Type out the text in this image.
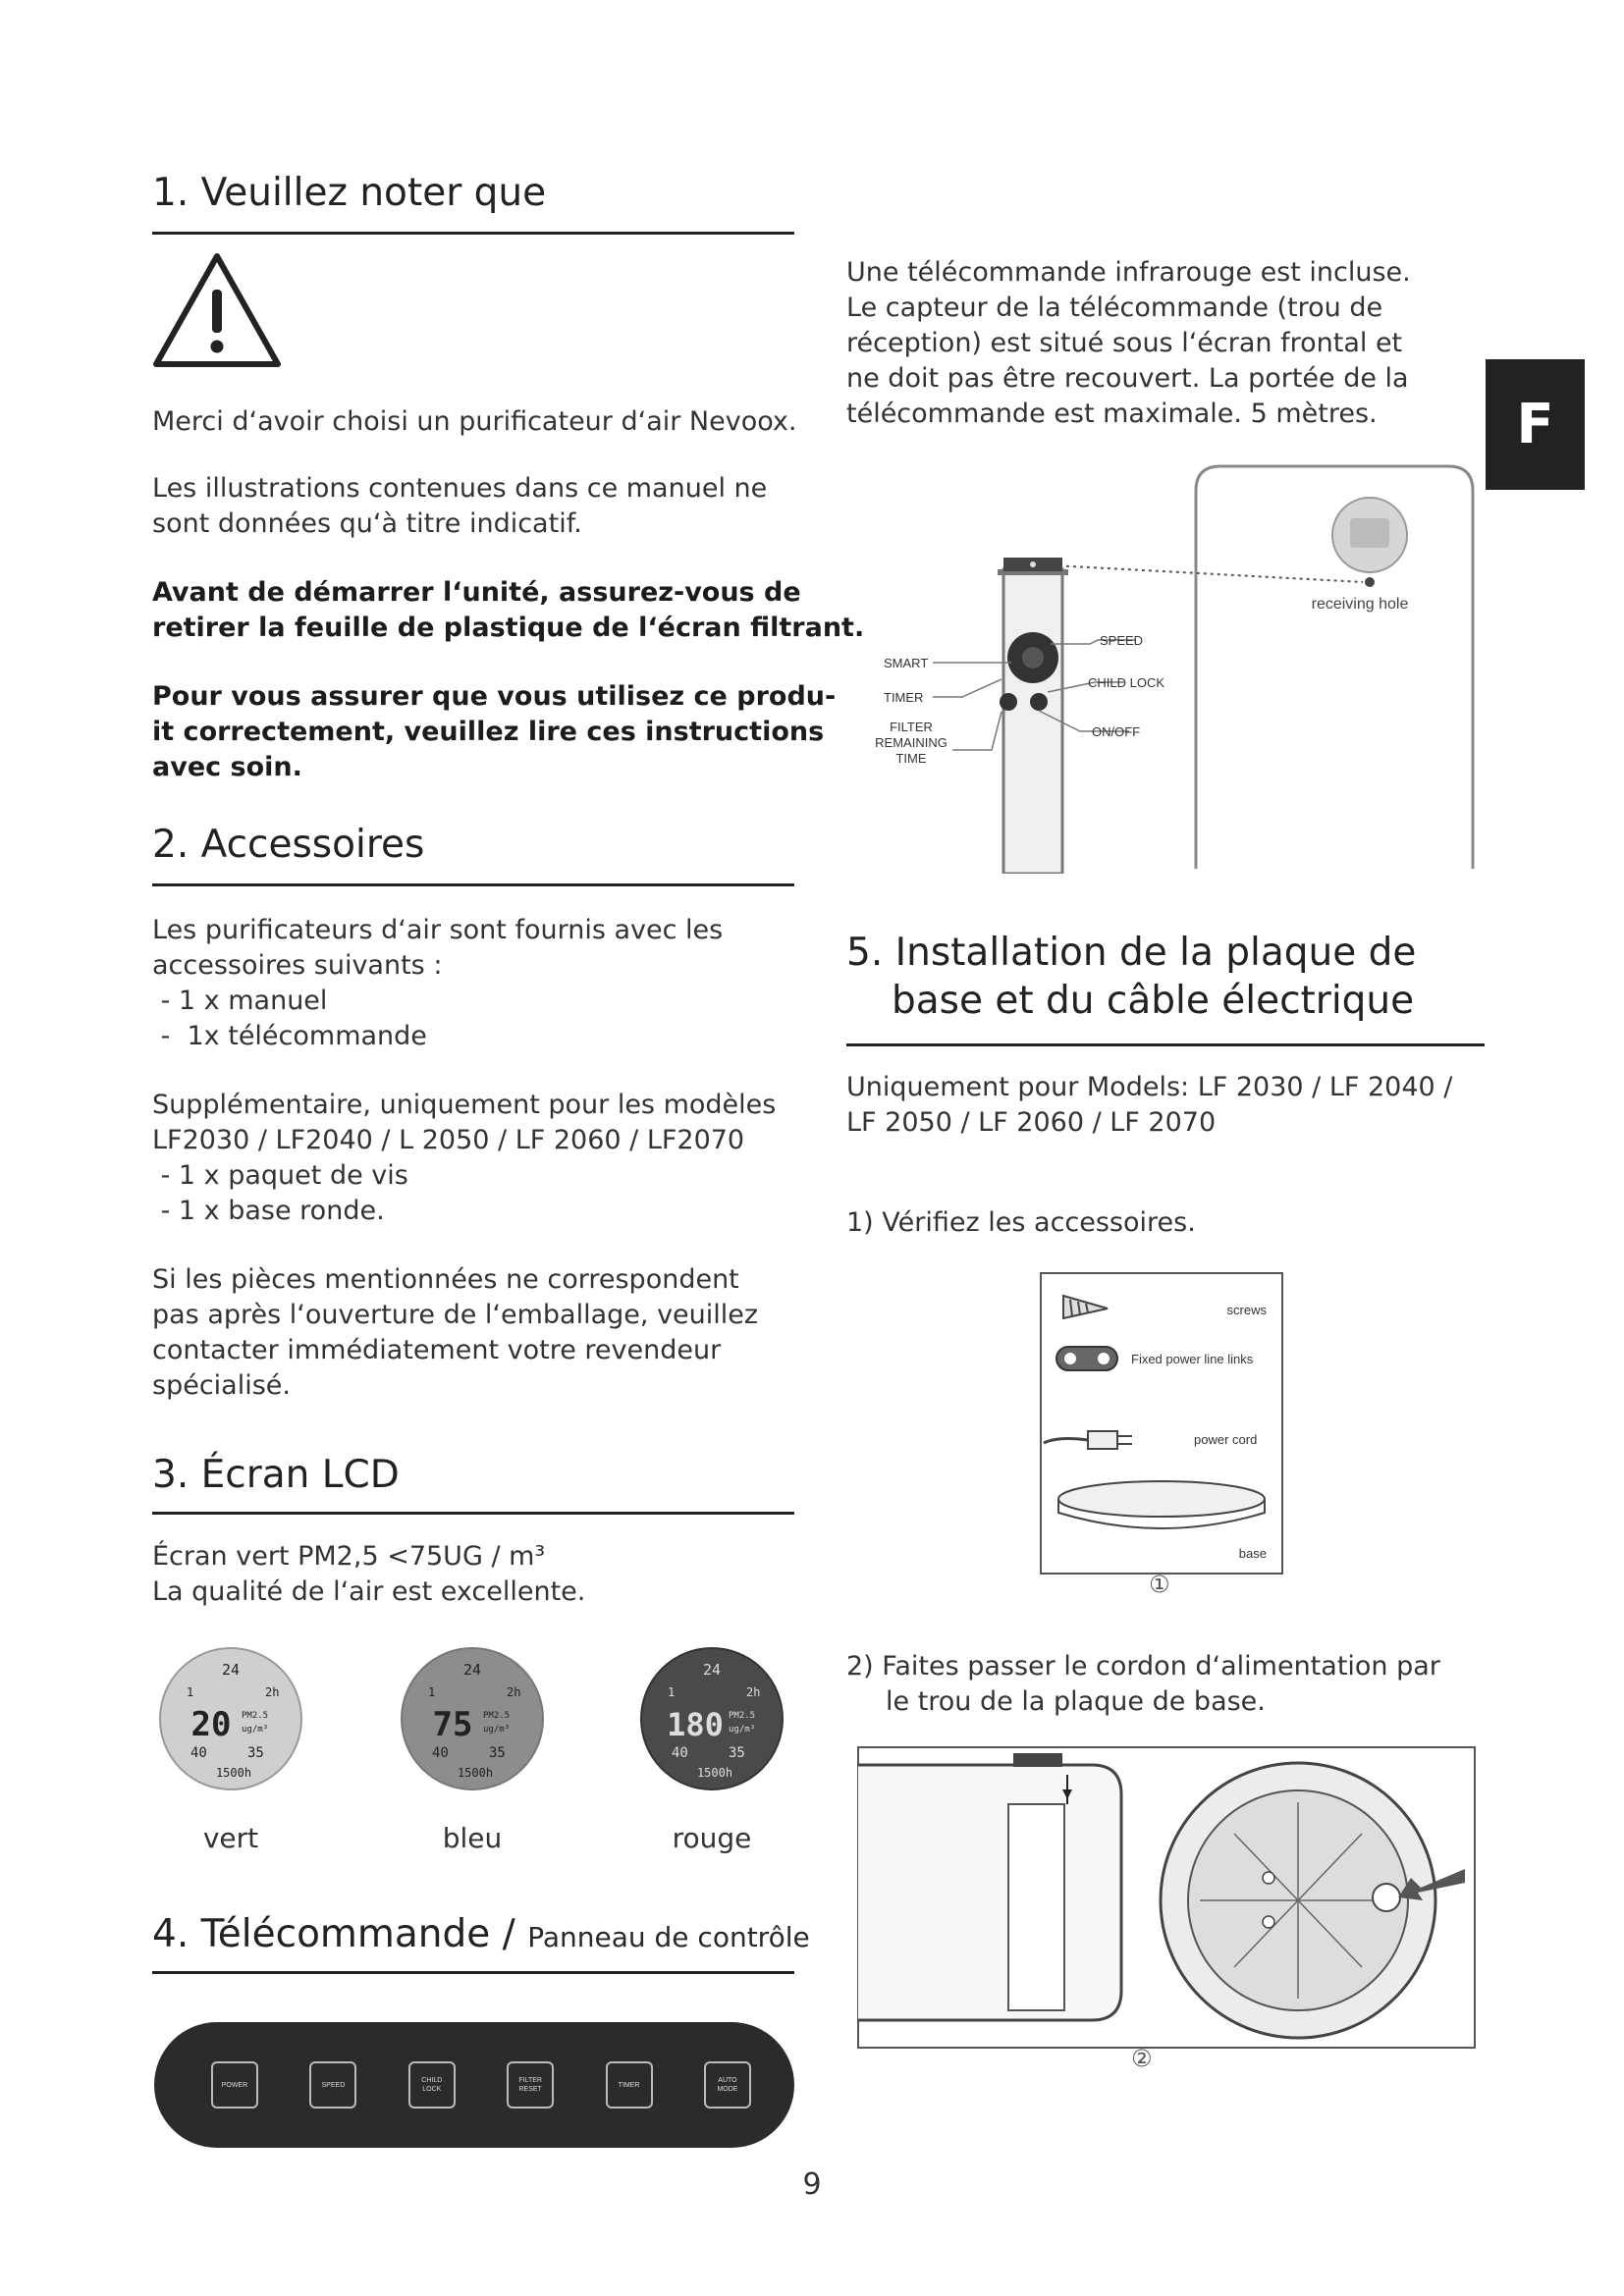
F
1. Veuillez noter que

Merci d‘avoir choisi un purificateur d‘air Nevoox.

Les illustrations contenues dans ce manuel ne
sont données qu‘à titre indicatif.

Avant de démarrer l‘unité, assurez-vous de
retirer la feuille de plastique de l‘écran filtrant.

Pour vous assurer que vous utilisez ce produ-
it correctement, veuillez lire ces instructions
avec soin.

2. Accessoires

Les purificateurs d‘air sont fournis avec les
accessoires suivants :
- 1 x manuel
-  1x télécommande

Supplémentaire, uniquement pour les modèles
LF2030 / LF2040 / L 2050 / LF 2060 / LF2070
- 1 x paquet de vis
- 1 x base ronde.

Si les pièces mentionnées ne correspondent
pas après l‘ouverture de l‘emballage, veuillez
contacter immédiatement votre revendeur
spécialisé.

3. Écran LCD

Écran vert PM2,5 <75UG / m³
La qualité de l‘air est excellente.

24
1	2h
20 PM2.5
ug/m³
40	35
1500h
24
1	2h
75 PM2.5
ug/m³
40	35
1500h
24
1	2h
180 PM2.5
ug/m³
40	35
1500h
vert	bleu	rouge
4. Télécommande / Panneau de contrôle
POWER	SPEED
CHILD
LOCK
FILTER
RESET
TIMER
AUTO
MODE

Une télécommande infrarouge est incluse.
Le capteur de la télécommande (trou de
réception) est situé sous l‘écran frontal et
ne doit pas être recouvert. La portée de la
télécommande est maximale. 5 mètres.

receiving hole
SMART
TIMER
FILTER
REMAINING
TIME
SPEED
CHILD LOCK
ON/OFF
5. Installation de la plaque de
base et du câble électrique

Uniquement pour Models: LF 2030 / LF 2040 /
LF 2050 / LF 2060 / LF 2070

1) Vérifiez les accessoires.

screws
Fixed power line links
power cord
base
①

2) Faites passer le cordon d‘alimentation par
le trou de la plaque de base.

②
9
